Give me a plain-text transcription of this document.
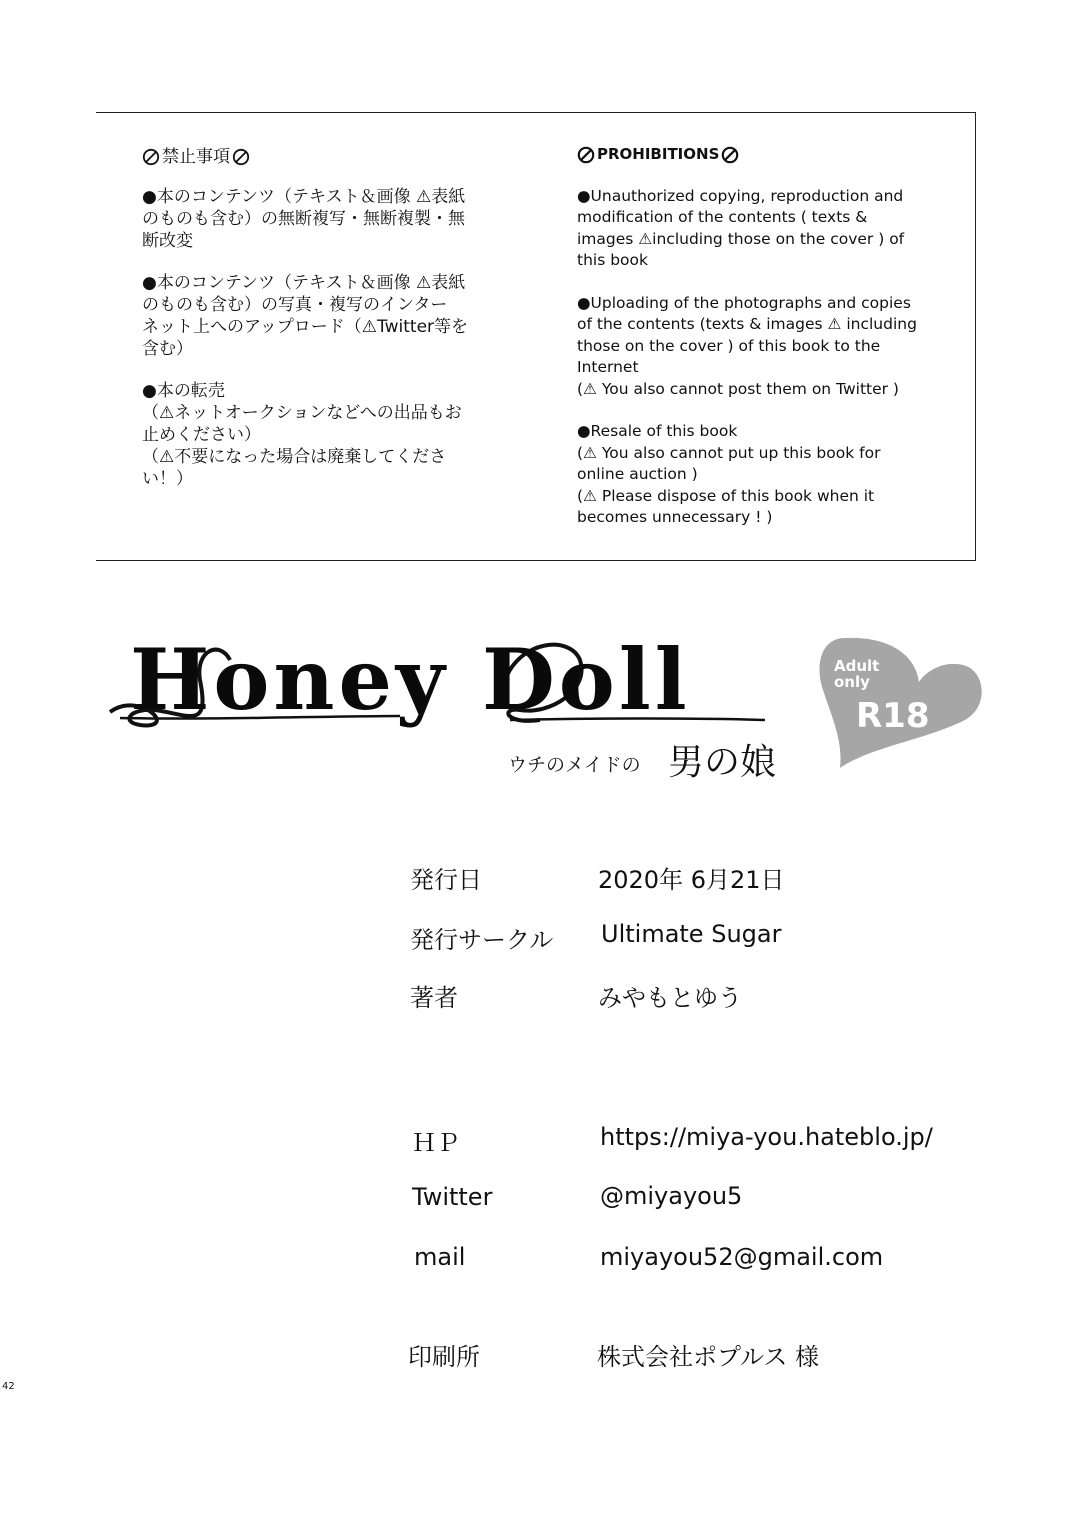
禁止事項
●本のコンテンツ（テキスト＆画像 ⚠表紙
のものも含む）の無断複写・無断複製・無
断改変
●本のコンテンツ（テキスト＆画像 ⚠表紙
のものも含む）の写真・複写のインター
ネット上へのアップロード（⚠Twitter等を
含む）
●本の転売
（⚠ネットオークションなどへの出品もお
止めください）
（⚠不要になった場合は廃棄してくださ
い！）
PROHIBITIONS
●Unauthorized copying, reproduction and
modification of the contents ( texts &
images ⚠including those on the cover ) of
this book
●Uploading of the photographs and copies
of the contents (texts & images ⚠ including
those on the cover ) of this book to the
Internet
(⚠ You also cannot post them on Twitter )
●Resale of this book
(⚠ You also cannot put up this book for
online auction )
(⚠ Please dispose of this book when it
becomes unnecessary ! )
Honey Doll
ウチのメイドの 男の娘
Adult
only
R18
発行日	2020年 6月21日
発行サークル Ultimate Sugar
著者	みやもとゆう
ＨＰ	https://miya-you.hateblo.jp/
Twitter	@miyayou5
mail	miyayou52@gmail.com
印刷所	株式会社ポプルス 様
42
